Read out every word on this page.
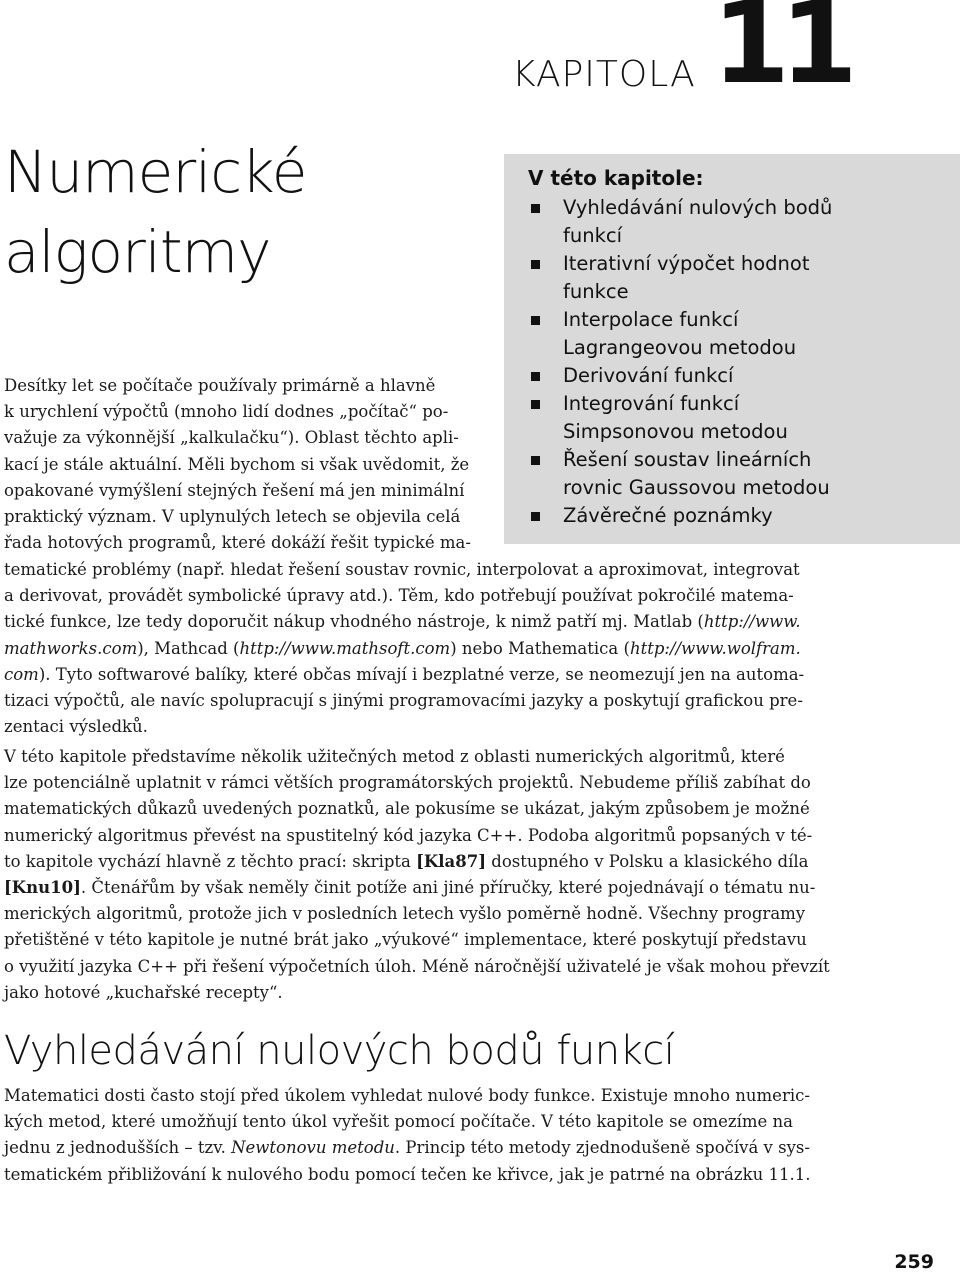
KAPITOLA 11
Numerické
algoritmy
V této kapitole:
Vyhledávání nulových bodů funkcí
Iterativní výpočet hodnot funkce
Interpolace funkcí Lagrangeovou metodou
Derivování funkcí
Integrování funkcí Simpsonovou metodou
Řešení soustav lineárních rovnic Gaussovou metodou
Závěrečné poznámky
Desítky let se počítače používaly primárně a hlavně
k urychlení výpočtů (mnoho lidí dodnes „počítač“ po-
važuje za výkonnější „kalkulačku“). Oblast těchto apli-
kací je stále aktuální. Měli bychom si však uvědomit, že
opakované vymýšlení stejných řešení má jen minimální
praktický význam. V uplynulých letech se objevila celá
řada hotových programů, které dokáží řešit typické ma-
tematické problémy (např. hledat řešení soustav rovnic, interpolovat a aproximovat, integrovat
a derivovat, provádět symbolické úpravy atd.). Těm, kdo potřebují používat pokročilé matema-
tické funkce, lze tedy doporučit nákup vhodného nástroje, k nimž patří mj. Matlab (http://www.
mathworks.com), Mathcad (http://www.mathsoft.com) nebo Mathematica (http://www.wolfram.
com). Tyto softwarové balíky, které občas mívají i bezplatné verze, se neomezují jen na automa-
tizaci výpočtů, ale navíc spolupracují s jinými programovacími jazyky a poskytují grafickou pre-
zentaci výsledků.
V této kapitole představíme několik užitečných metod z oblasti numerických algoritmů, které
lze potenciálně uplatnit v rámci větších programátorských projektů. Nebudeme příliš zabíhat do
matematických důkazů uvedených poznatků, ale pokusíme se ukázat, jakým způsobem je možné
numerický algoritmus převést na spustitelný kód jazyka C++. Podoba algoritmů popsaných v té-
to kapitole vychází hlavně z těchto prací: skripta [Kla87] dostupného v Polsku a klasického díla
[Knu10]. Čtenářům by však neměly činit potíže ani jiné příručky, které pojednávají o tématu nu-
merických algoritmů, protože jich v posledních letech vyšlo poměrně hodně. Všechny programy
přetištěné v této kapitole je nutné brát jako „výukové“ implementace, které poskytují představu
o využití jazyka C++ při řešení výpočetních úloh. Méně náročnější uživatelé je však mohou převzít
jako hotové „kuchařské recepty“.
Vyhledávání nulových bodů funkcí
Matematici dosti často stojí před úkolem vyhledat nulové body funkce. Existuje mnoho numeric-
kých metod, které umožňují tento úkol vyřešit pomocí počítače. V této kapitole se omezíme na
jednu z jednodušších – tzv. Newtonovu metodu. Princip této metody zjednodušeně spočívá v sys-
tematickém přibližování k nulového bodu pomocí tečen ke křivce, jak je patrné na obrázku 11.1.
259
